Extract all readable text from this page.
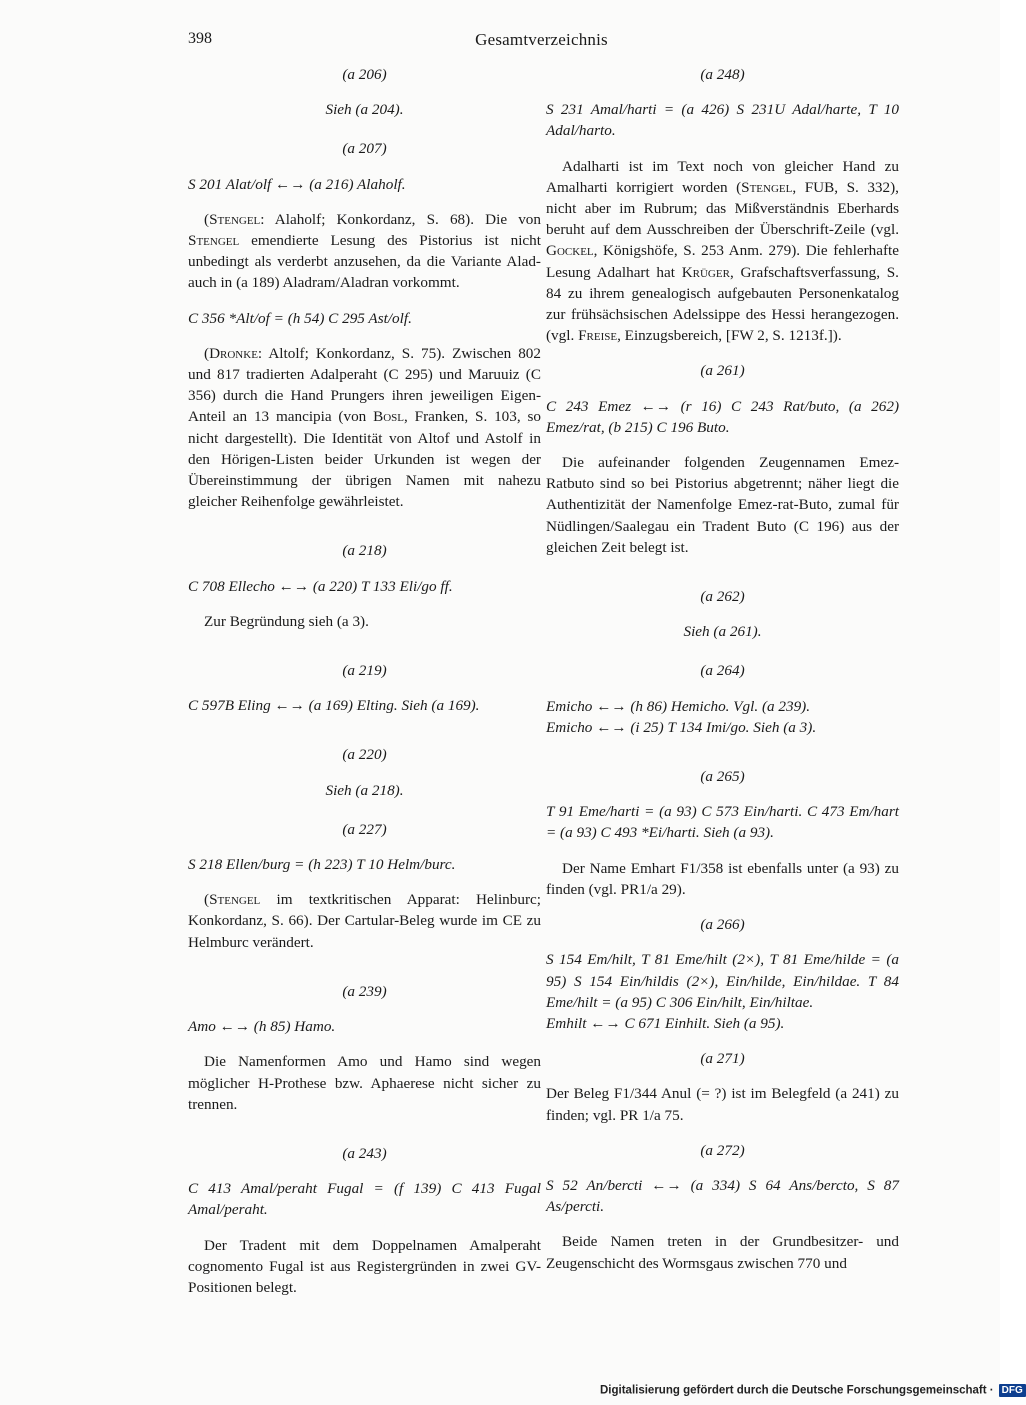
398	Gesamtverzeichnis

(a 206)

Sieh (a 204).

(a 207)

S 201 Alat/olf ←→ (a 216) Alaholf.

(Stengel: Alaholf; Konkordanz, S. 68). Die von Stengel emendierte Lesung des Pistorius ist nicht unbedingt als verderbt anzusehen, da die Variante Alad- auch in (a 189) Aladram/Aladran vorkommt.

C 356 *Alt/of = (h 54) C 295 Ast/olf.

(Dronke: Altolf; Konkordanz, S. 75). Zwischen 802 und 817 tradierten Adalperaht (C 295) und Maruuiz (C 356) durch die Hand Prungers ihren jeweiligen Eigen-Anteil an 13 mancipia (von Bosl, Franken, S. 103, so nicht dargestellt). Die Identität von Altof und Astolf in den Hörigen-Listen beider Urkunden ist wegen der Übereinstimmung der übrigen Namen mit nahezu gleicher Reihenfolge gewährleistet.

(a 218)

C 708 Ellecho ←→ (a 220) T 133 Eli/go ff.

Zur Begründung sieh (a 3).

(a 219)

C 597B Eling ←→ (a 169) Elting. Sieh (a 169).

(a 220)

Sieh (a 218).

(a 227)

S 218 Ellen/burg = (h 223) T 10 Helm/burc.

(Stengel im textkritischen Apparat: Helinburc; Konkordanz, S. 66). Der Cartular-Beleg wurde im CE zu Helmburc verändert.

(a 239)

Amo ←→ (h 85) Hamo.

Die Namenformen Amo und Hamo sind wegen möglicher H-Prothese bzw. Aphaerese nicht sicher zu trennen.

(a 243)

C 413 Amal/peraht Fugal = (f 139) C 413 Fugal Amal/peraht.

Der Tradent mit dem Doppelnamen Amalperaht cognomento Fugal ist aus Registergründen in zwei GV-Positionen belegt.

(a 248)

S 231 Amal/harti = (a 426) S 231U Adal/harte, T 10 Adal/harto.

Adalharti ist im Text noch von gleicher Hand zu Amalharti korrigiert worden (Stengel, FUB, S. 332), nicht aber im Rubrum; das Mißverständnis Eberhards beruht auf dem Ausschreiben der Überschrift-Zeile (vgl. Gockel, Königshöfe, S. 253 Anm. 279). Die fehlerhafte Lesung Adalhart hat Krüger, Grafschaftsverfassung, S. 84 zu ihrem genealogisch aufgebauten Personenkatalog zur frühsächsischen Adelssippe des Hessi herangezogen. (vgl. Freise, Einzugsbereich, [FW 2, S. 1213f.]).

(a 261)

C 243 Emez ←→ (r 16) C 243 Rat/buto, (a 262) Emez/rat, (b 215) C 196 Buto.

Die aufeinander folgenden Zeugennamen Emez-Ratbuto sind so bei Pistorius abgetrennt; näher liegt die Authentizität der Namenfolge Emez-rat-Buto, zumal für Nüdlingen/Saalegau ein Tradent Buto (C 196) aus der gleichen Zeit belegt ist.

(a 262)

Sieh (a 261).

(a 264)

Emicho ←→ (h 86) Hemicho. Vgl. (a 239).

Emicho ←→ (i 25) T 134 Imi/go. Sieh (a 3).

(a 265)

T 91 Eme/harti = (a 93) C 573 Ein/harti. C 473 Em/hart = (a 93) C 493 *Ei/harti. Sieh (a 93).

Der Name Emhart F1/358 ist ebenfalls unter (a 93) zu finden (vgl. PR1/a 29).

(a 266)

S 154 Em/hilt, T 81 Eme/hilt (2×), T 81 Eme/hilde = (a 95) S 154 Ein/hildis (2×), Ein/hilde, Ein/hildae. T 84 Eme/hilt = (a 95) C 306 Ein/hilt, Ein/hiltae.

Emhilt ←→ C 671 Einhilt. Sieh (a 95).

(a 271)

Der Beleg F1/344 Anul (= ?) ist im Belegfeld (a 241) zu finden; vgl. PR 1/a 75.

(a 272)

S 52 An/bercti ←→ (a 334) S 64 Ans/bercto, S 87 As/percti.

Beide Namen treten in der Grundbesitzer- und Zeugenschicht des Wormsgaus zwischen 770 und

Digitalisierung gefördert durch die Deutsche Forschungsgemeinschaft · DFG
